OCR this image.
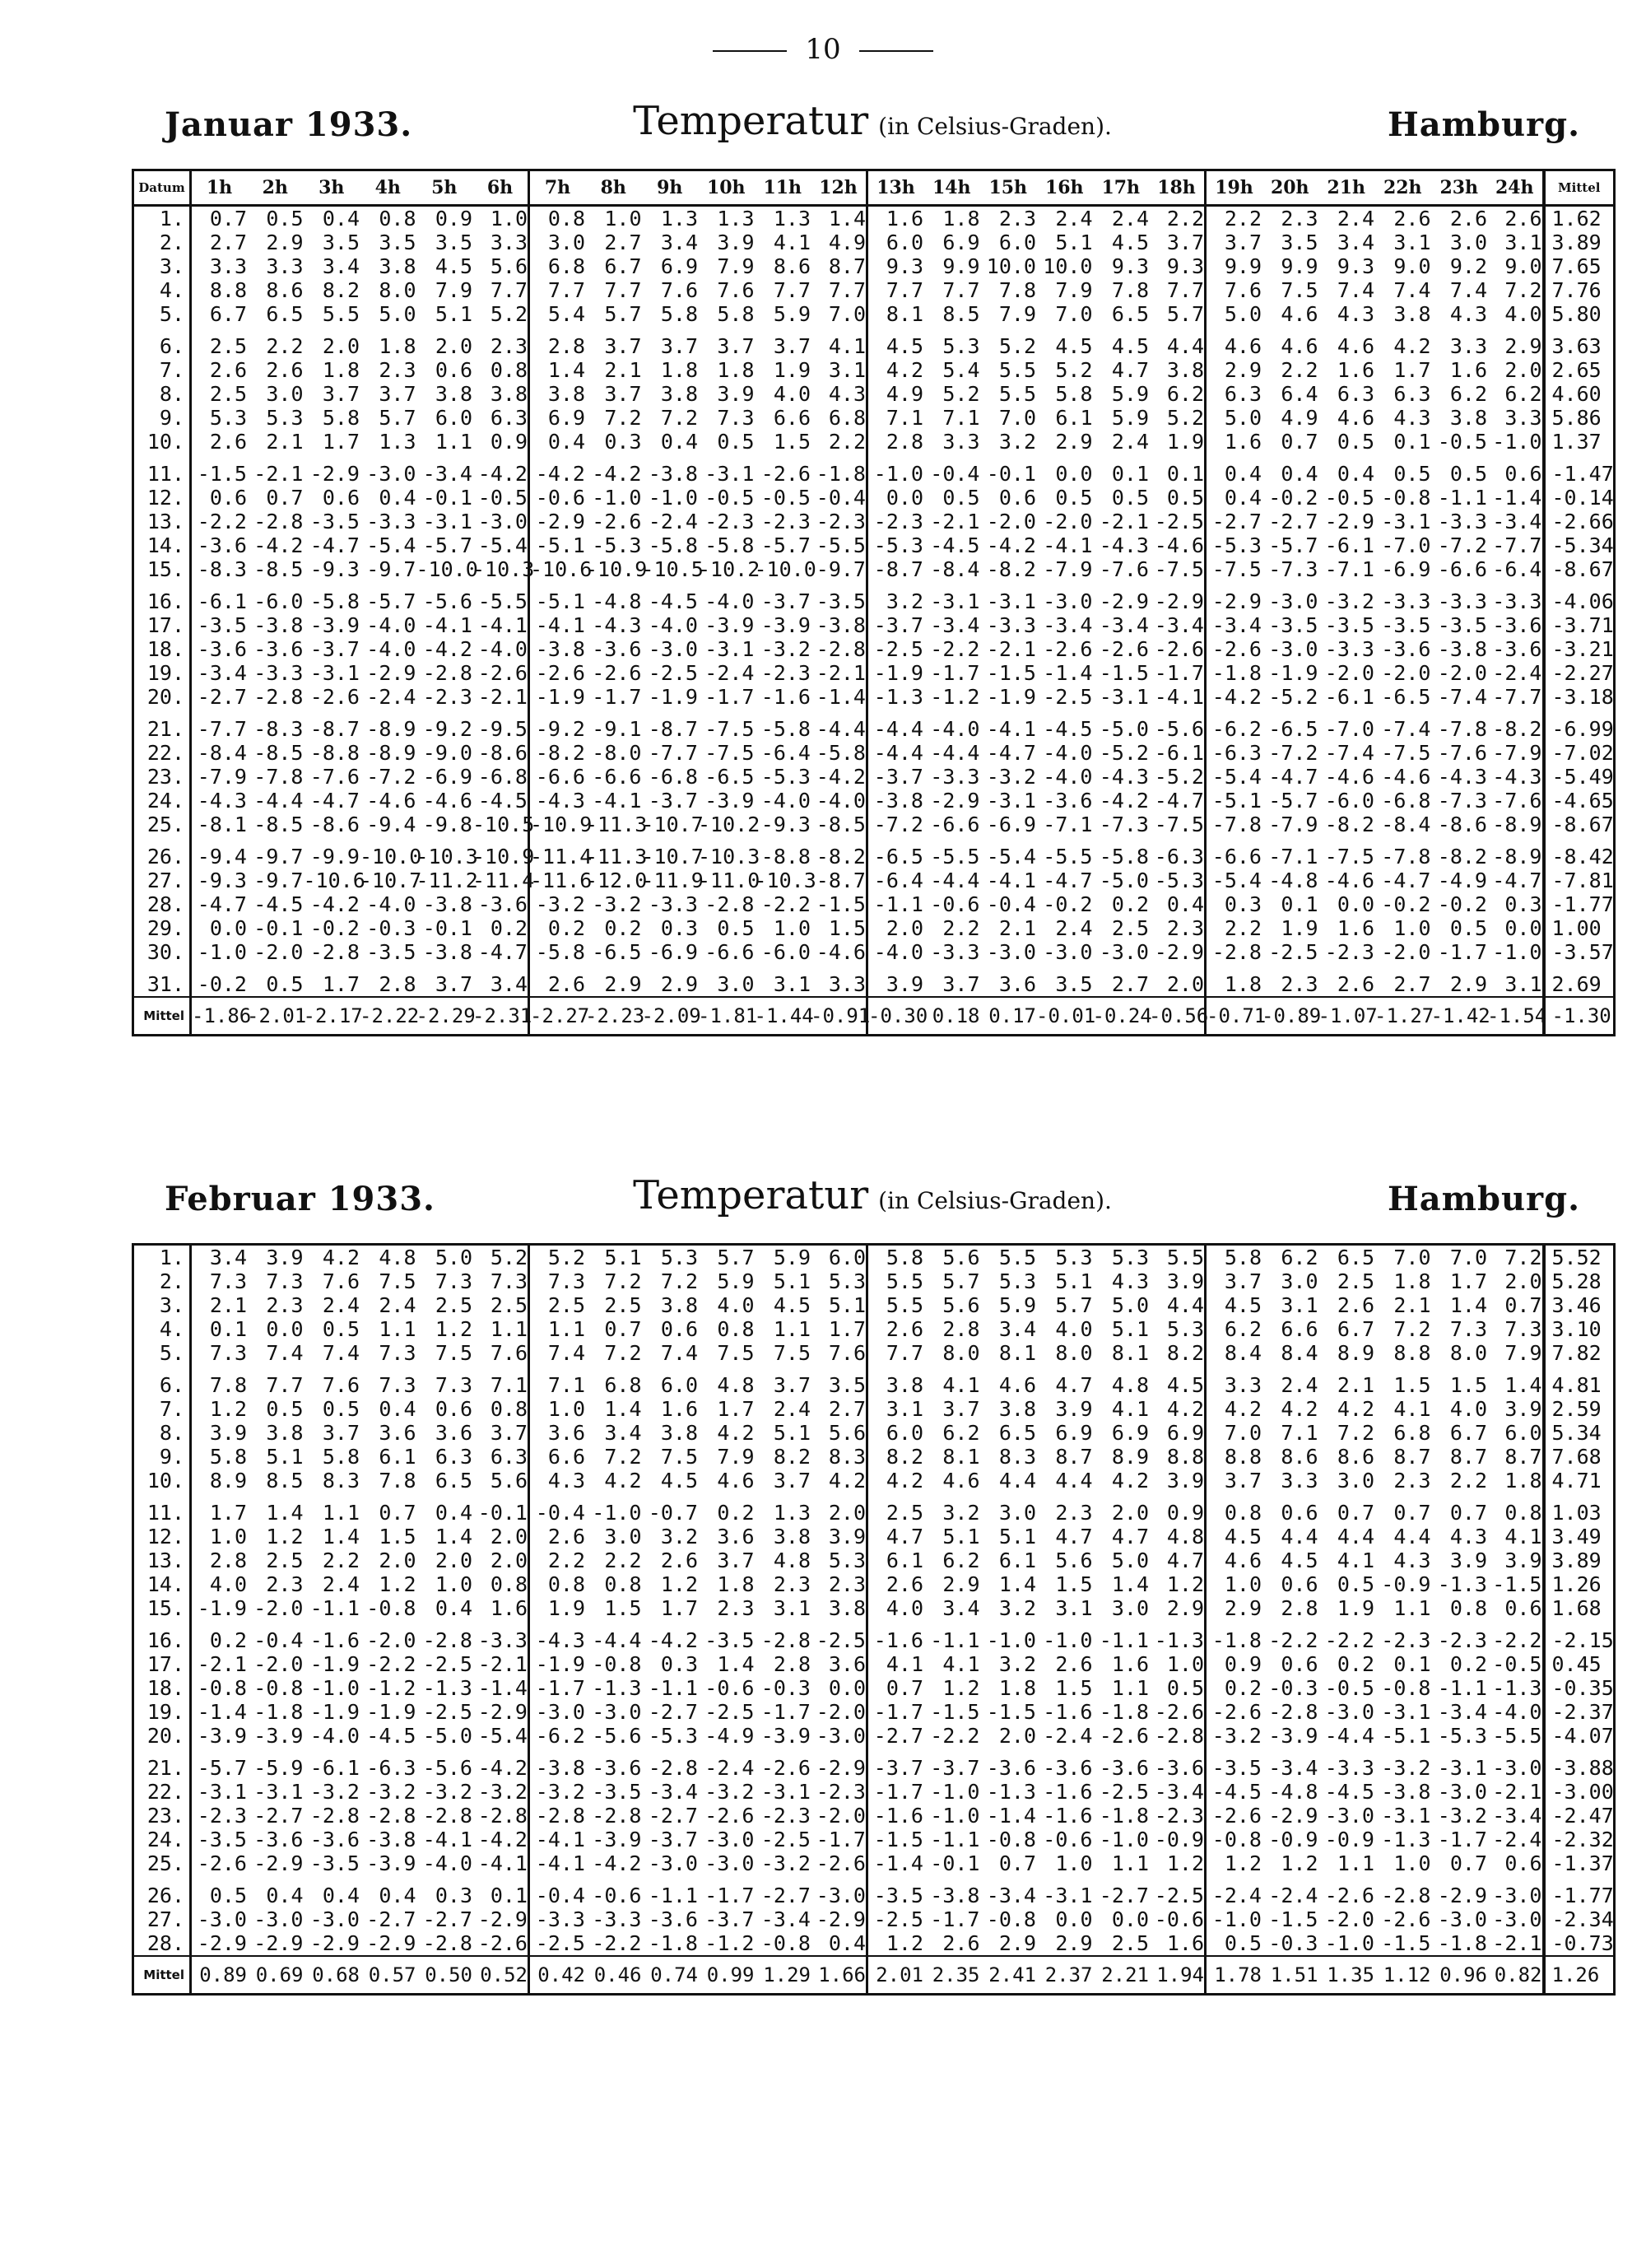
10
Januar 1933.	Temperatur (in Celsius-Graden).	Hamburg.
Datum	1h	2h	3h	4h	5h	6h	7h	8h	9h	10h	11h	12h	13h	14h	15h	16h	17h	18h	19h	20h	21h	22h	23h	24h	Mittel
1.	0.7	0.5	0.4	0.8	0.9	1.0	0.8	1.0	1.3	1.3	1.3	1.4	1.6	1.8	2.3	2.4	2.4	2.2	2.2	2.3	2.4	2.6	2.6	2.6	1.62
2.	2.7	2.9	3.5	3.5	3.5	3.3	3.0	2.7	3.4	3.9	4.1	4.9	6.0	6.9	6.0	5.1	4.5	3.7	3.7	3.5	3.4	3.1	3.0	3.1	3.89
3.	3.3	3.3	3.4	3.8	4.5	5.6	6.8	6.7	6.9	7.9	8.6	8.7	9.3	9.9	10.0	10.0	9.3	9.3	9.9	9.9	9.3	9.0	9.2	9.0	7.65
4.	8.8	8.6	8.2	8.0	7.9	7.7	7.7	7.7	7.6	7.6	7.7	7.7	7.7	7.7	7.8	7.9	7.8	7.7	7.6	7.5	7.4	7.4	7.4	7.2	7.76
5.	6.7	6.5	5.5	5.0	5.1	5.2	5.4	5.7	5.8	5.8	5.9	7.0	8.1	8.5	7.9	7.0	6.5	5.7	5.0	4.6	4.3	3.8	4.3	4.0	5.80
6.	2.5	2.2	2.0	1.8	2.0	2.3	2.8	3.7	3.7	3.7	3.7	4.1	4.5	5.3	5.2	4.5	4.5	4.4	4.6	4.6	4.6	4.2	3.3	2.9	3.63
7.	2.6	2.6	1.8	2.3	0.6	0.8	1.4	2.1	1.8	1.8	1.9	3.1	4.2	5.4	5.5	5.2	4.7	3.8	2.9	2.2	1.6	1.7	1.6	2.0	2.65
8.	2.5	3.0	3.7	3.7	3.8	3.8	3.8	3.7	3.8	3.9	4.0	4.3	4.9	5.2	5.5	5.8	5.9	6.2	6.3	6.4	6.3	6.3	6.2	6.2	4.60
9.	5.3	5.3	5.8	5.7	6.0	6.3	6.9	7.2	7.2	7.3	6.6	6.8	7.1	7.1	7.0	6.1	5.9	5.2	5.0	4.9	4.6	4.3	3.8	3.3	5.86
10.	2.6	2.1	1.7	1.3	1.1	0.9	0.4	0.3	0.4	0.5	1.5	2.2	2.8	3.3	3.2	2.9	2.4	1.9	1.6	0.7	0.5	0.1	-0.5	-1.0	1.37
11.	-1.5	-2.1	-2.9	-3.0	-3.4	-4.2	-4.2	-4.2	-3.8	-3.1	-2.6	-1.8	-1.0	-0.4	-0.1	0.0	0.1	0.1	0.4	0.4	0.4	0.5	0.5	0.6	-1.47
12.	0.6	0.7	0.6	0.4	-0.1	-0.5	-0.6	-1.0	-1.0	-0.5	-0.5	-0.4	0.0	0.5	0.6	0.5	0.5	0.5	0.4	-0.2	-0.5	-0.8	-1.1	-1.4	-0.14
13.	-2.2	-2.8	-3.5	-3.3	-3.1	-3.0	-2.9	-2.6	-2.4	-2.3	-2.3	-2.3	-2.3	-2.1	-2.0	-2.0	-2.1	-2.5	-2.7	-2.7	-2.9	-3.1	-3.3	-3.4	-2.66
14.	-3.6	-4.2	-4.7	-5.4	-5.7	-5.4	-5.1	-5.3	-5.8	-5.8	-5.7	-5.5	-5.3	-4.5	-4.2	-4.1	-4.3	-4.6	-5.3	-5.7	-6.1	-7.0	-7.2	-7.7	-5.34
15.	-8.3	-8.5	-9.3	-9.7	-10.0	-10.3	-10.6	-10.9	-10.5	-10.2	-10.0	-9.7	-8.7	-8.4	-8.2	-7.9	-7.6	-7.5	-7.5	-7.3	-7.1	-6.9	-6.6	-6.4	-8.67
16.	-6.1	-6.0	-5.8	-5.7	-5.6	-5.5	-5.1	-4.8	-4.5	-4.0	-3.7	-3.5	3.2	-3.1	-3.1	-3.0	-2.9	-2.9	-2.9	-3.0	-3.2	-3.3	-3.3	-3.3	-4.06
17.	-3.5	-3.8	-3.9	-4.0	-4.1	-4.1	-4.1	-4.3	-4.0	-3.9	-3.9	-3.8	-3.7	-3.4	-3.3	-3.4	-3.4	-3.4	-3.4	-3.5	-3.5	-3.5	-3.5	-3.6	-3.71
18.	-3.6	-3.6	-3.7	-4.0	-4.2	-4.0	-3.8	-3.6	-3.0	-3.1	-3.2	-2.8	-2.5	-2.2	-2.1	-2.6	-2.6	-2.6	-2.6	-3.0	-3.3	-3.6	-3.8	-3.6	-3.21
19.	-3.4	-3.3	-3.1	-2.9	-2.8	-2.6	-2.6	-2.6	-2.5	-2.4	-2.3	-2.1	-1.9	-1.7	-1.5	-1.4	-1.5	-1.7	-1.8	-1.9	-2.0	-2.0	-2.0	-2.4	-2.27
20.	-2.7	-2.8	-2.6	-2.4	-2.3	-2.1	-1.9	-1.7	-1.9	-1.7	-1.6	-1.4	-1.3	-1.2	-1.9	-2.5	-3.1	-4.1	-4.2	-5.2	-6.1	-6.5	-7.4	-7.7	-3.18
21.	-7.7	-8.3	-8.7	-8.9	-9.2	-9.5	-9.2	-9.1	-8.7	-7.5	-5.8	-4.4	-4.4	-4.0	-4.1	-4.5	-5.0	-5.6	-6.2	-6.5	-7.0	-7.4	-7.8	-8.2	-6.99
22.	-8.4	-8.5	-8.8	-8.9	-9.0	-8.6	-8.2	-8.0	-7.7	-7.5	-6.4	-5.8	-4.4	-4.4	-4.7	-4.0	-5.2	-6.1	-6.3	-7.2	-7.4	-7.5	-7.6	-7.9	-7.02
23.	-7.9	-7.8	-7.6	-7.2	-6.9	-6.8	-6.6	-6.6	-6.8	-6.5	-5.3	-4.2	-3.7	-3.3	-3.2	-4.0	-4.3	-5.2	-5.4	-4.7	-4.6	-4.6	-4.3	-4.3	-5.49
24.	-4.3	-4.4	-4.7	-4.6	-4.6	-4.5	-4.3	-4.1	-3.7	-3.9	-4.0	-4.0	-3.8	-2.9	-3.1	-3.6	-4.2	-4.7	-5.1	-5.7	-6.0	-6.8	-7.3	-7.6	-4.65
25.	-8.1	-8.5	-8.6	-9.4	-9.8	-10.5	-10.9	-11.3	-10.7	-10.2	-9.3	-8.5	-7.2	-6.6	-6.9	-7.1	-7.3	-7.5	-7.8	-7.9	-8.2	-8.4	-8.6	-8.9	-8.67
26.	-9.4	-9.7	-9.9	-10.0	-10.3	-10.9	-11.4	-11.3	-10.7	-10.3	-8.8	-8.2	-6.5	-5.5	-5.4	-5.5	-5.8	-6.3	-6.6	-7.1	-7.5	-7.8	-8.2	-8.9	-8.42
27.	-9.3	-9.7	-10.6	-10.7	-11.2	-11.4	-11.6	-12.0	-11.9	-11.0	-10.3	-8.7	-6.4	-4.4	-4.1	-4.7	-5.0	-5.3	-5.4	-4.8	-4.6	-4.7	-4.9	-4.7	-7.81
28.	-4.7	-4.5	-4.2	-4.0	-3.8	-3.6	-3.2	-3.2	-3.3	-2.8	-2.2	-1.5	-1.1	-0.6	-0.4	-0.2	0.2	0.4	0.3	0.1	0.0	-0.2	-0.2	0.3	-1.77
29.	0.0	-0.1	-0.2	-0.3	-0.1	0.2	0.2	0.2	0.3	0.5	1.0	1.5	2.0	2.2	2.1	2.4	2.5	2.3	2.2	1.9	1.6	1.0	0.5	0.0	1.00
30.	-1.0	-2.0	-2.8	-3.5	-3.8	-4.7	-5.8	-6.5	-6.9	-6.6	-6.0	-4.6	-4.0	-3.3	-3.0	-3.0	-3.0	-2.9	-2.8	-2.5	-2.3	-2.0	-1.7	-1.0	-3.57
31.	-0.2	0.5	1.7	2.8	3.7	3.4	2.6	2.9	2.9	3.0	3.1	3.3	3.9	3.7	3.6	3.5	2.7	2.0	1.8	2.3	2.6	2.7	2.9	3.1	2.69
Mittel	-1.86	-2.01	-2.17	-2.22	-2.29	-2.31	-2.27	-2.23	-2.09	-1.81	-1.44	-0.91	-0.30	0.18	0.17	-0.01	-0.24	-0.56	-0.71	-0.89	-1.07	-1.27	-1.42	-1.54	-1.30
Februar 1933.	Temperatur (in Celsius-Graden).	Hamburg.
1.	3.4	3.9	4.2	4.8	5.0	5.2	5.2	5.1	5.3	5.7	5.9	6.0	5.8	5.6	5.5	5.3	5.3	5.5	5.8	6.2	6.5	7.0	7.0	7.2	5.52
2.	7.3	7.3	7.6	7.5	7.3	7.3	7.3	7.2	7.2	5.9	5.1	5.3	5.5	5.7	5.3	5.1	4.3	3.9	3.7	3.0	2.5	1.8	1.7	2.0	5.28
3.	2.1	2.3	2.4	2.4	2.5	2.5	2.5	2.5	3.8	4.0	4.5	5.1	5.5	5.6	5.9	5.7	5.0	4.4	4.5	3.1	2.6	2.1	1.4	0.7	3.46
4.	0.1	0.0	0.5	1.1	1.2	1.1	1.1	0.7	0.6	0.8	1.1	1.7	2.6	2.8	3.4	4.0	5.1	5.3	6.2	6.6	6.7	7.2	7.3	7.3	3.10
5.	7.3	7.4	7.4	7.3	7.5	7.6	7.4	7.2	7.4	7.5	7.5	7.6	7.7	8.0	8.1	8.0	8.1	8.2	8.4	8.4	8.9	8.8	8.0	7.9	7.82
6.	7.8	7.7	7.6	7.3	7.3	7.1	7.1	6.8	6.0	4.8	3.7	3.5	3.8	4.1	4.6	4.7	4.8	4.5	3.3	2.4	2.1	1.5	1.5	1.4	4.81
7.	1.2	0.5	0.5	0.4	0.6	0.8	1.0	1.4	1.6	1.7	2.4	2.7	3.1	3.7	3.8	3.9	4.1	4.2	4.2	4.2	4.2	4.1	4.0	3.9	2.59
8.	3.9	3.8	3.7	3.6	3.6	3.7	3.6	3.4	3.8	4.2	5.1	5.6	6.0	6.2	6.5	6.9	6.9	6.9	7.0	7.1	7.2	6.8	6.7	6.0	5.34
9.	5.8	5.1	5.8	6.1	6.3	6.3	6.6	7.2	7.5	7.9	8.2	8.3	8.2	8.1	8.3	8.7	8.9	8.8	8.8	8.6	8.6	8.7	8.7	8.7	7.68
10.	8.9	8.5	8.3	7.8	6.5	5.6	4.3	4.2	4.5	4.6	3.7	4.2	4.2	4.6	4.4	4.4	4.2	3.9	3.7	3.3	3.0	2.3	2.2	1.8	4.71
11.	1.7	1.4	1.1	0.7	0.4	-0.1	-0.4	-1.0	-0.7	0.2	1.3	2.0	2.5	3.2	3.0	2.3	2.0	0.9	0.8	0.6	0.7	0.7	0.7	0.8	1.03
12.	1.0	1.2	1.4	1.5	1.4	2.0	2.6	3.0	3.2	3.6	3.8	3.9	4.7	5.1	5.1	4.7	4.7	4.8	4.5	4.4	4.4	4.4	4.3	4.1	3.49
13.	2.8	2.5	2.2	2.0	2.0	2.0	2.2	2.2	2.6	3.7	4.8	5.3	6.1	6.2	6.1	5.6	5.0	4.7	4.6	4.5	4.1	4.3	3.9	3.9	3.89
14.	4.0	2.3	2.4	1.2	1.0	0.8	0.8	0.8	1.2	1.8	2.3	2.3	2.6	2.9	1.4	1.5	1.4	1.2	1.0	0.6	0.5	-0.9	-1.3	-1.5	1.26
15.	-1.9	-2.0	-1.1	-0.8	0.4	1.6	1.9	1.5	1.7	2.3	3.1	3.8	4.0	3.4	3.2	3.1	3.0	2.9	2.9	2.8	1.9	1.1	0.8	0.6	1.68
16.	0.2	-0.4	-1.6	-2.0	-2.8	-3.3	-4.3	-4.4	-4.2	-3.5	-2.8	-2.5	-1.6	-1.1	-1.0	-1.0	-1.1	-1.3	-1.8	-2.2	-2.2	-2.3	-2.3	-2.2	-2.15
17.	-2.1	-2.0	-1.9	-2.2	-2.5	-2.1	-1.9	-0.8	0.3	1.4	2.8	3.6	4.1	4.1	3.2	2.6	1.6	1.0	0.9	0.6	0.2	0.1	0.2	-0.5	0.45
18.	-0.8	-0.8	-1.0	-1.2	-1.3	-1.4	-1.7	-1.3	-1.1	-0.6	-0.3	0.0	0.7	1.2	1.8	1.5	1.1	0.5	0.2	-0.3	-0.5	-0.8	-1.1	-1.3	-0.35
19.	-1.4	-1.8	-1.9	-1.9	-2.5	-2.9	-3.0	-3.0	-2.7	-2.5	-1.7	-2.0	-1.7	-1.5	-1.5	-1.6	-1.8	-2.6	-2.6	-2.8	-3.0	-3.1	-3.4	-4.0	-2.37
20.	-3.9	-3.9	-4.0	-4.5	-5.0	-5.4	-6.2	-5.6	-5.3	-4.9	-3.9	-3.0	-2.7	-2.2	2.0	-2.4	-2.6	-2.8	-3.2	-3.9	-4.4	-5.1	-5.3	-5.5	-4.07
21.	-5.7	-5.9	-6.1	-6.3	-5.6	-4.2	-3.8	-3.6	-2.8	-2.4	-2.6	-2.9	-3.7	-3.7	-3.6	-3.6	-3.6	-3.6	-3.5	-3.4	-3.3	-3.2	-3.1	-3.0	-3.88
22.	-3.1	-3.1	-3.2	-3.2	-3.2	-3.2	-3.2	-3.5	-3.4	-3.2	-3.1	-2.3	-1.7	-1.0	-1.3	-1.6	-2.5	-3.4	-4.5	-4.8	-4.5	-3.8	-3.0	-2.1	-3.00
23.	-2.3	-2.7	-2.8	-2.8	-2.8	-2.8	-2.8	-2.8	-2.7	-2.6	-2.3	-2.0	-1.6	-1.0	-1.4	-1.6	-1.8	-2.3	-2.6	-2.9	-3.0	-3.1	-3.2	-3.4	-2.47
24.	-3.5	-3.6	-3.6	-3.8	-4.1	-4.2	-4.1	-3.9	-3.7	-3.0	-2.5	-1.7	-1.5	-1.1	-0.8	-0.6	-1.0	-0.9	-0.8	-0.9	-0.9	-1.3	-1.7	-2.4	-2.32
25.	-2.6	-2.9	-3.5	-3.9	-4.0	-4.1	-4.1	-4.2	-3.0	-3.0	-3.2	-2.6	-1.4	-0.1	0.7	1.0	1.1	1.2	1.2	1.2	1.1	1.0	0.7	0.6	-1.37
26.	0.5	0.4	0.4	0.4	0.3	0.1	-0.4	-0.6	-1.1	-1.7	-2.7	-3.0	-3.5	-3.8	-3.4	-3.1	-2.7	-2.5	-2.4	-2.4	-2.6	-2.8	-2.9	-3.0	-1.77
27.	-3.0	-3.0	-3.0	-2.7	-2.7	-2.9	-3.3	-3.3	-3.6	-3.7	-3.4	-2.9	-2.5	-1.7	-0.8	0.0	0.0	-0.6	-1.0	-1.5	-2.0	-2.6	-3.0	-3.0	-2.34
28.	-2.9	-2.9	-2.9	-2.9	-2.8	-2.6	-2.5	-2.2	-1.8	-1.2	-0.8	0.4	1.2	2.6	2.9	2.9	2.5	1.6	0.5	-0.3	-1.0	-1.5	-1.8	-2.1	-0.73
Mittel	0.89	0.69	0.68	0.57	0.50	0.52	0.42	0.46	0.74	0.99	1.29	1.66	2.01	2.35	2.41	2.37	2.21	1.94	1.78	1.51	1.35	1.12	0.96	0.82	1.26
